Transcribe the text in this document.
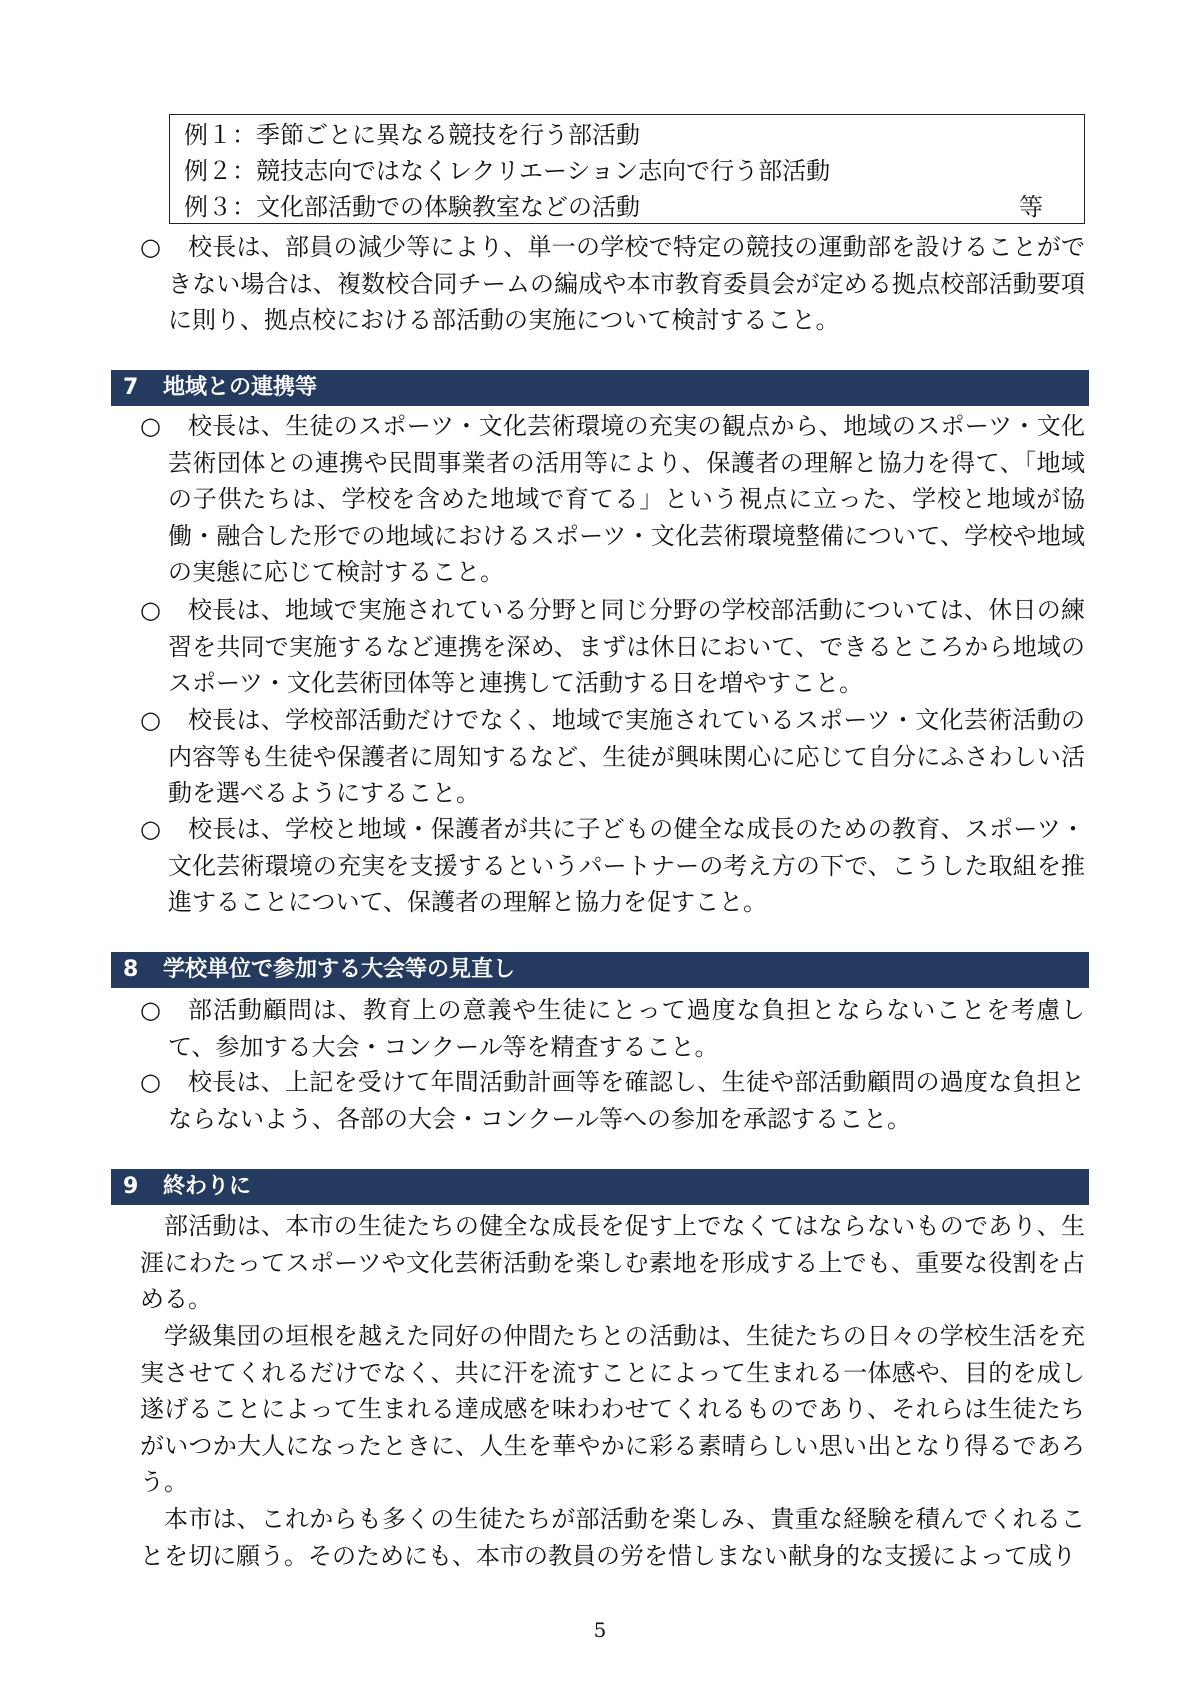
例１：季節ごとに異なる競技を行う部活動
例２：競技志向ではなくレクリエーション志向で行う部活動
例３：文化部活動での体験教室などの活動	等
○	校長は、部員の減少等により、単一の学校で特定の競技の運動部を設けることができない場合は、複数校合同チームの編成や本市教育委員会が定める拠点校部活動要項に則り、拠点校における部活動の実施について検討すること。
7 地域との連携等
○	校長は、生徒のスポーツ・文化芸術環境の充実の観点から、地域のスポーツ・文化芸術団体との連携や民間事業者の活用等により、保護者の理解と協力を得て、「地域の子供たちは、学校を含めた地域で育てる」という視点に立った、学校と地域が協働・融合した形での地域におけるスポーツ・文化芸術環境整備について、学校や地域の実態に応じて検討すること。
○	校長は、地域で実施されている分野と同じ分野の学校部活動については、休日の練習を共同で実施するなど連携を深め、まずは休日において、できるところから地域のスポーツ・文化芸術団体等と連携して活動する日を増やすこと。
○	校長は、学校部活動だけでなく、地域で実施されているスポーツ・文化芸術活動の内容等も生徒や保護者に周知するなど、生徒が興味関心に応じて自分にふさわしい活動を選べるようにすること。
○	校長は、学校と地域・保護者が共に子どもの健全な成長のための教育、スポーツ・文化芸術環境の充実を支援するというパートナーの考え方の下で、こうした取組を推進することについて、保護者の理解と協力を促すこと。
8 学校単位で参加する大会等の見直し
○	部活動顧問は、教育上の意義や生徒にとって過度な負担とならないことを考慮して、参加する大会・コンクール等を精査すること。
○	校長は、上記を受けて年間活動計画等を確認し、生徒や部活動顧問の過度な負担とならないよう、各部の大会・コンクール等への参加を承認すること。
9 終わりに
部活動は、本市の生徒たちの健全な成長を促す上でなくてはならないものであり、生涯にわたってスポーツや文化芸術活動を楽しむ素地を形成する上でも、重要な役割を占める。
学級集団の垣根を越えた同好の仲間たちとの活動は、生徒たちの日々の学校生活を充実させてくれるだけでなく、共に汗を流すことによって生まれる一体感や、目的を成し遂げることによって生まれる達成感を味わわせてくれるものであり、それらは生徒たちがいつか大人になったときに、人生を華やかに彩る素晴らしい思い出となり得るであろう。
本市は、これからも多くの生徒たちが部活動を楽しみ、貴重な経験を積んでくれることを切に願う。そのためにも、本市の教員の労を惜しまない献身的な支援によって成り
5
